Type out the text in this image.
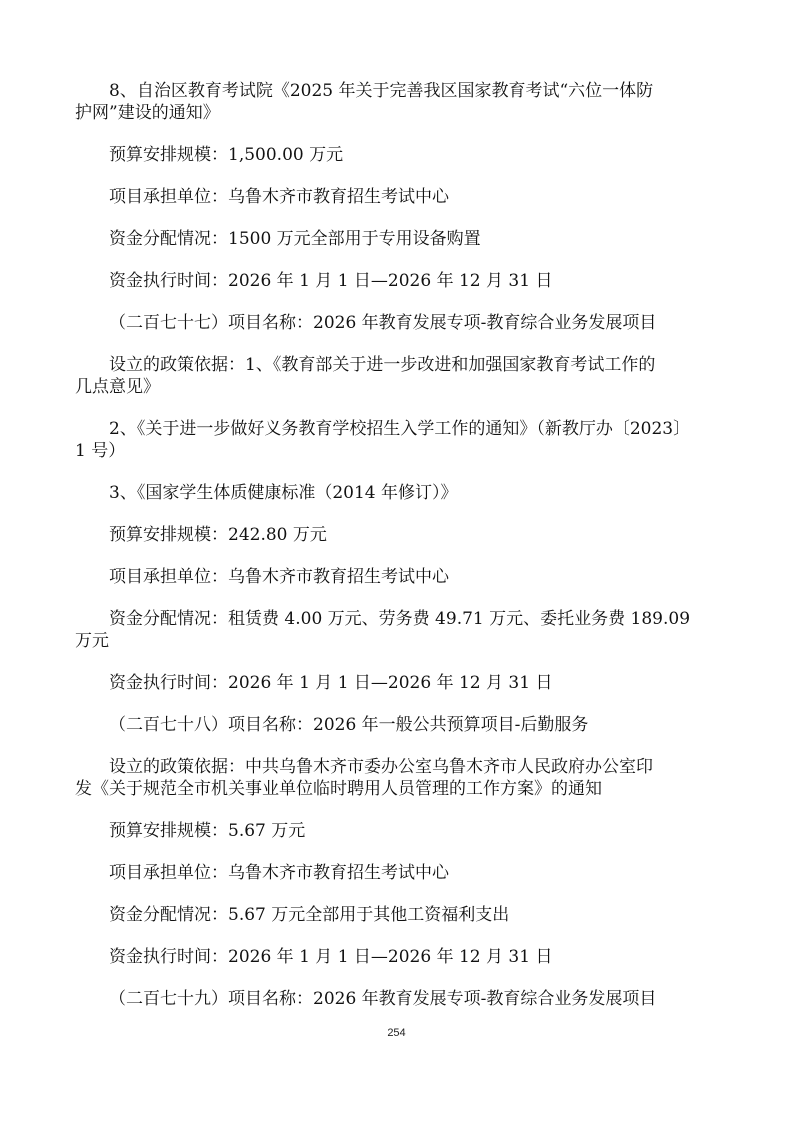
8、自治区教育考试院《2025 年关于完善我区国家教育考试“六位一体防
护网”建设的通知》

预算安排规模：1,500.00 万元

项目承担单位：乌鲁木齐市教育招生考试中心

资金分配情况：1500 万元全部用于专用设备购置

资金执行时间：2026 年 1 月 1 日—2026 年 12 月 31 日

（二百七十七）项目名称：2026 年教育发展专项-教育综合业务发展项目

设立的政策依据：1、《教育部关于进一步改进和加强国家教育考试工作的
几点意见》

2、《关于进一步做好义务教育学校招生入学工作的通知》（新教厅办〔2023〕
1 号）

3、《国家学生体质健康标准（2014 年修订）》

预算安排规模：242.80 万元

项目承担单位：乌鲁木齐市教育招生考试中心

资金分配情况：租赁费 4.00 万元、劳务费 49.71 万元、委托业务费 189.09
万元

资金执行时间：2026 年 1 月 1 日—2026 年 12 月 31 日

（二百七十八）项目名称：2026 年一般公共预算项目-后勤服务

设立的政策依据：中共乌鲁木齐市委办公室乌鲁木齐市人民政府办公室印
发《关于规范全市机关事业单位临时聘用人员管理的工作方案》的通知

预算安排规模：5.67 万元

项目承担单位：乌鲁木齐市教育招生考试中心

资金分配情况：5.67 万元全部用于其他工资福利支出

资金执行时间：2026 年 1 月 1 日—2026 年 12 月 31 日

（二百七十九）项目名称：2026 年教育发展专项-教育综合业务发展项目

254
